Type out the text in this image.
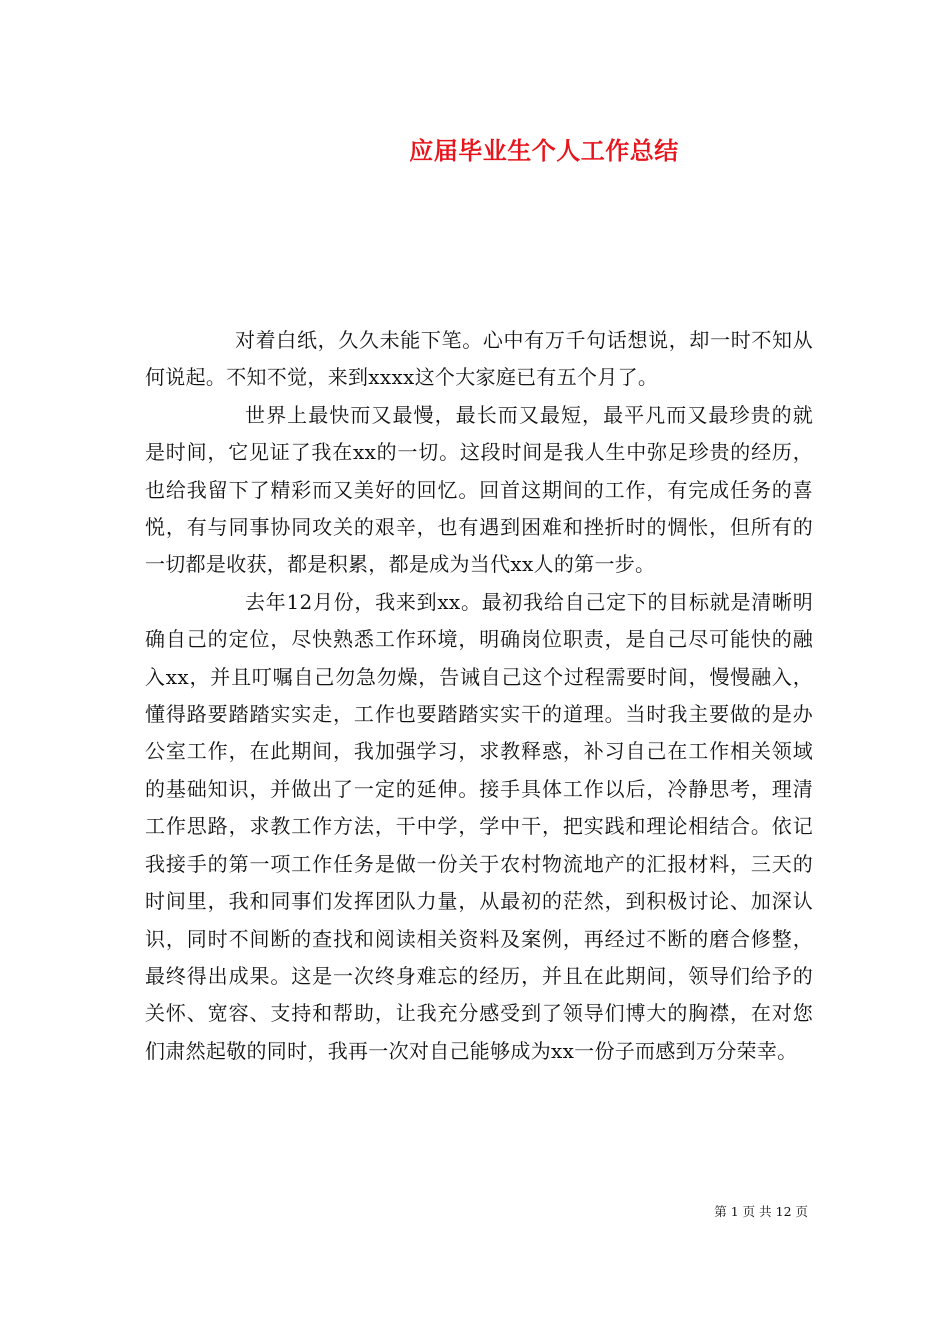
应届毕业生个人工作总结

对着白纸，久久未能下笔。心中有万千句话想说，却一时不知从何说起。不知不觉，来到xxxx这个大家庭已有五个月了。

世界上最快而又最慢，最长而又最短，最平凡而又最珍贵的就是时间，它见证了我在xx的一切。这段时间是我人生中弥足珍贵的经历，也给我留下了精彩而又美好的回忆。回首这期间的工作，有完成任务的喜悦，有与同事协同攻关的艰辛，也有遇到困难和挫折时的惆怅，但所有的一切都是收获，都是积累，都是成为当代xx人的第一步。

去年12月份，我来到xx。最初我给自己定下的目标就是清晰明确自己的定位，尽快熟悉工作环境，明确岗位职责，是自己尽可能快的融入xx，并且叮嘱自己勿急勿燥，告诫自己这个过程需要时间，慢慢融入，懂得路要踏踏实实走，工作也要踏踏实实干的道理。当时我主要做的是办公室工作，在此期间，我加强学习，求教释惑，补习自己在工作相关领域的基础知识，并做出了一定的延伸。接手具体工作以后，冷静思考，理清工作思路，求教工作方法，干中学，学中干，把实践和理论相结合。依记我接手的第一项工作任务是做一份关于农村物流地产的汇报材料，三天的时间里，我和同事们发挥团队力量，从最初的茫然，到积极讨论、加深认识，同时不间断的查找和阅读相关资料及案例，再经过不断的磨合修整，最终得出成果。这是一次终身难忘的经历，并且在此期间，领导们给予的关怀、宽容、支持和帮助，让我充分感受到了领导们博大的胸襟，在对您们肃然起敬的同时，我再一次对自己能够成为xx一份子而感到万分荣幸。

第 1 页 共 12 页
